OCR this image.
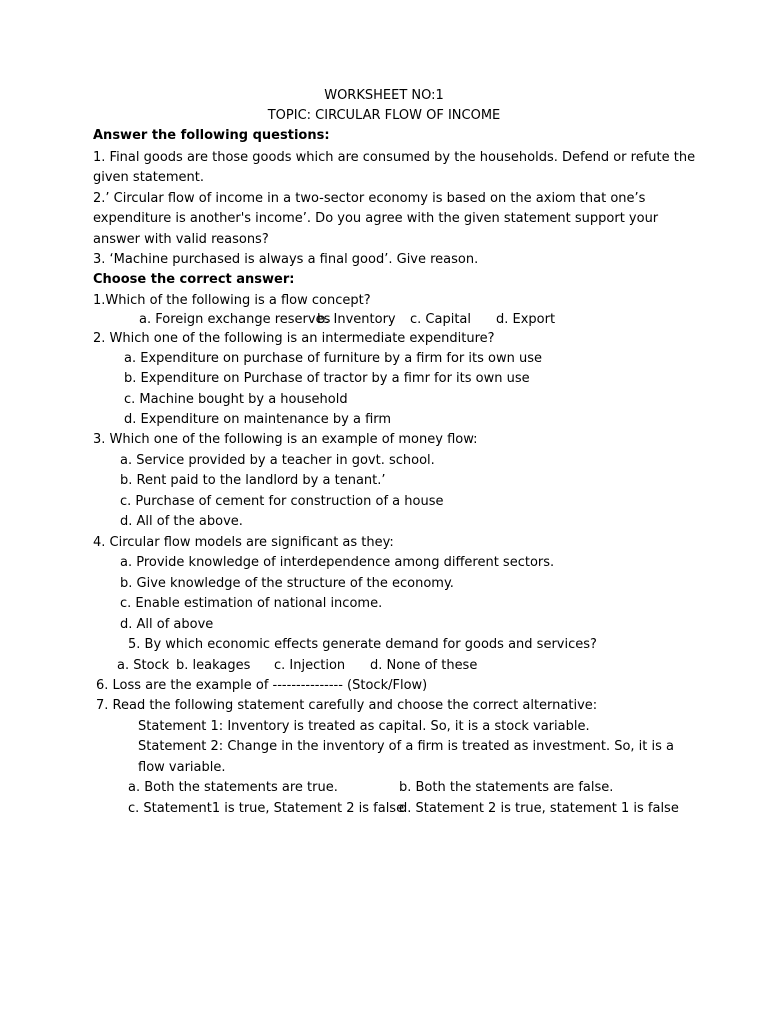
WORKSHEET NO:1
TOPIC: CIRCULAR FLOW OF INCOME
Answer the following questions:
1. Final goods are those goods which are consumed by the households. Defend or refute the
given statement.
2.’ Circular flow of income in a two-sector economy is based on the axiom that one’s
expenditure is another's income’. Do you agree with the given statement support your
answer with valid reasons?
3. ‘Machine purchased is always a final good’. Give reason.
Choose the correct answer:
1.Which of the following is a flow concept?
a. Foreign exchange reserves
b. Inventory c. Capital d. Export
2. Which one of the following is an intermediate expenditure?
a. Expenditure on purchase of furniture by a firm for its own use
b. Expenditure on Purchase of tractor by a fimr for its own use
c. Machine bought by a household
d. Expenditure on maintenance by a firm
3. Which one of the following is an example of money flow:
a. Service provided by a teacher in govt. school.
b. Rent paid to the landlord by a tenant.’
c. Purchase of cement for construction of a house
d. All of the above.
4. Circular flow models are significant as they:
a. Provide knowledge of interdependence among different sectors.
b. Give knowledge of the structure of the economy.
c. Enable estimation of national income.
d. All of above
5. By which economic effects generate demand for goods and services?
a. Stock b. leakages c. Injection d. None of these
6. Loss are the example of --------------- (Stock/Flow)
7. Read the following statement carefully and choose the correct alternative:
Statement 1: Inventory is treated as capital. So, it is a stock variable.
Statement 2: Change in the inventory of a firm is treated as investment. So, it is a
flow variable.
a. Both the statements are true.	b. Both the statements are false.
c. Statement1 is true, Statement 2 is false
d. Statement 2 is true, statement 1 is false
